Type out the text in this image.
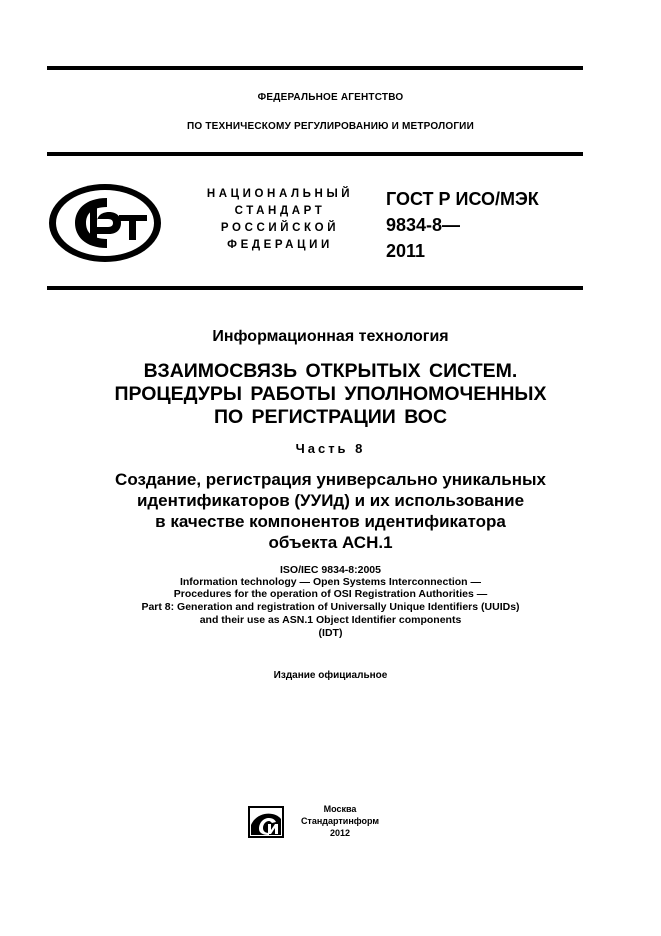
ФЕДЕРАЛЬНОЕ АГЕНТСТВО
ПО ТЕХНИЧЕСКОМУ РЕГУЛИРОВАНИЮ И МЕТРОЛОГИИ
НАЦИОНАЛЬНЫЙ
СТАНДАРТ
РОССИЙСКОЙ
ФЕДЕРАЦИИ
ГОСТ Р ИСО/МЭК
9834-8—
2011
Информационная технология
ВЗАИМОСВЯЗЬ ОТКРЫТЫХ СИСТЕМ.
ПРОЦЕДУРЫ РАБОТЫ УПОЛНОМОЧЕННЫХ
ПО РЕГИСТРАЦИИ ВОС
Часть 8
Создание, регистрация универсально уникальных
идентификаторов (УУИд) и их использование
в качестве компонентов идентификатора
объекта АСН.1
ISO/IEC 9834-8:2005
Information technology — Open Systems Interconnection —
Procedures for the operation of OSI Registration Authorities —
Part 8: Generation and registration of Universally Unique Identifiers (UUIDs)
and their use as ASN.1 Object Identifier components
(IDT)
Издание официальное
Москва
Стандартинформ
2012
